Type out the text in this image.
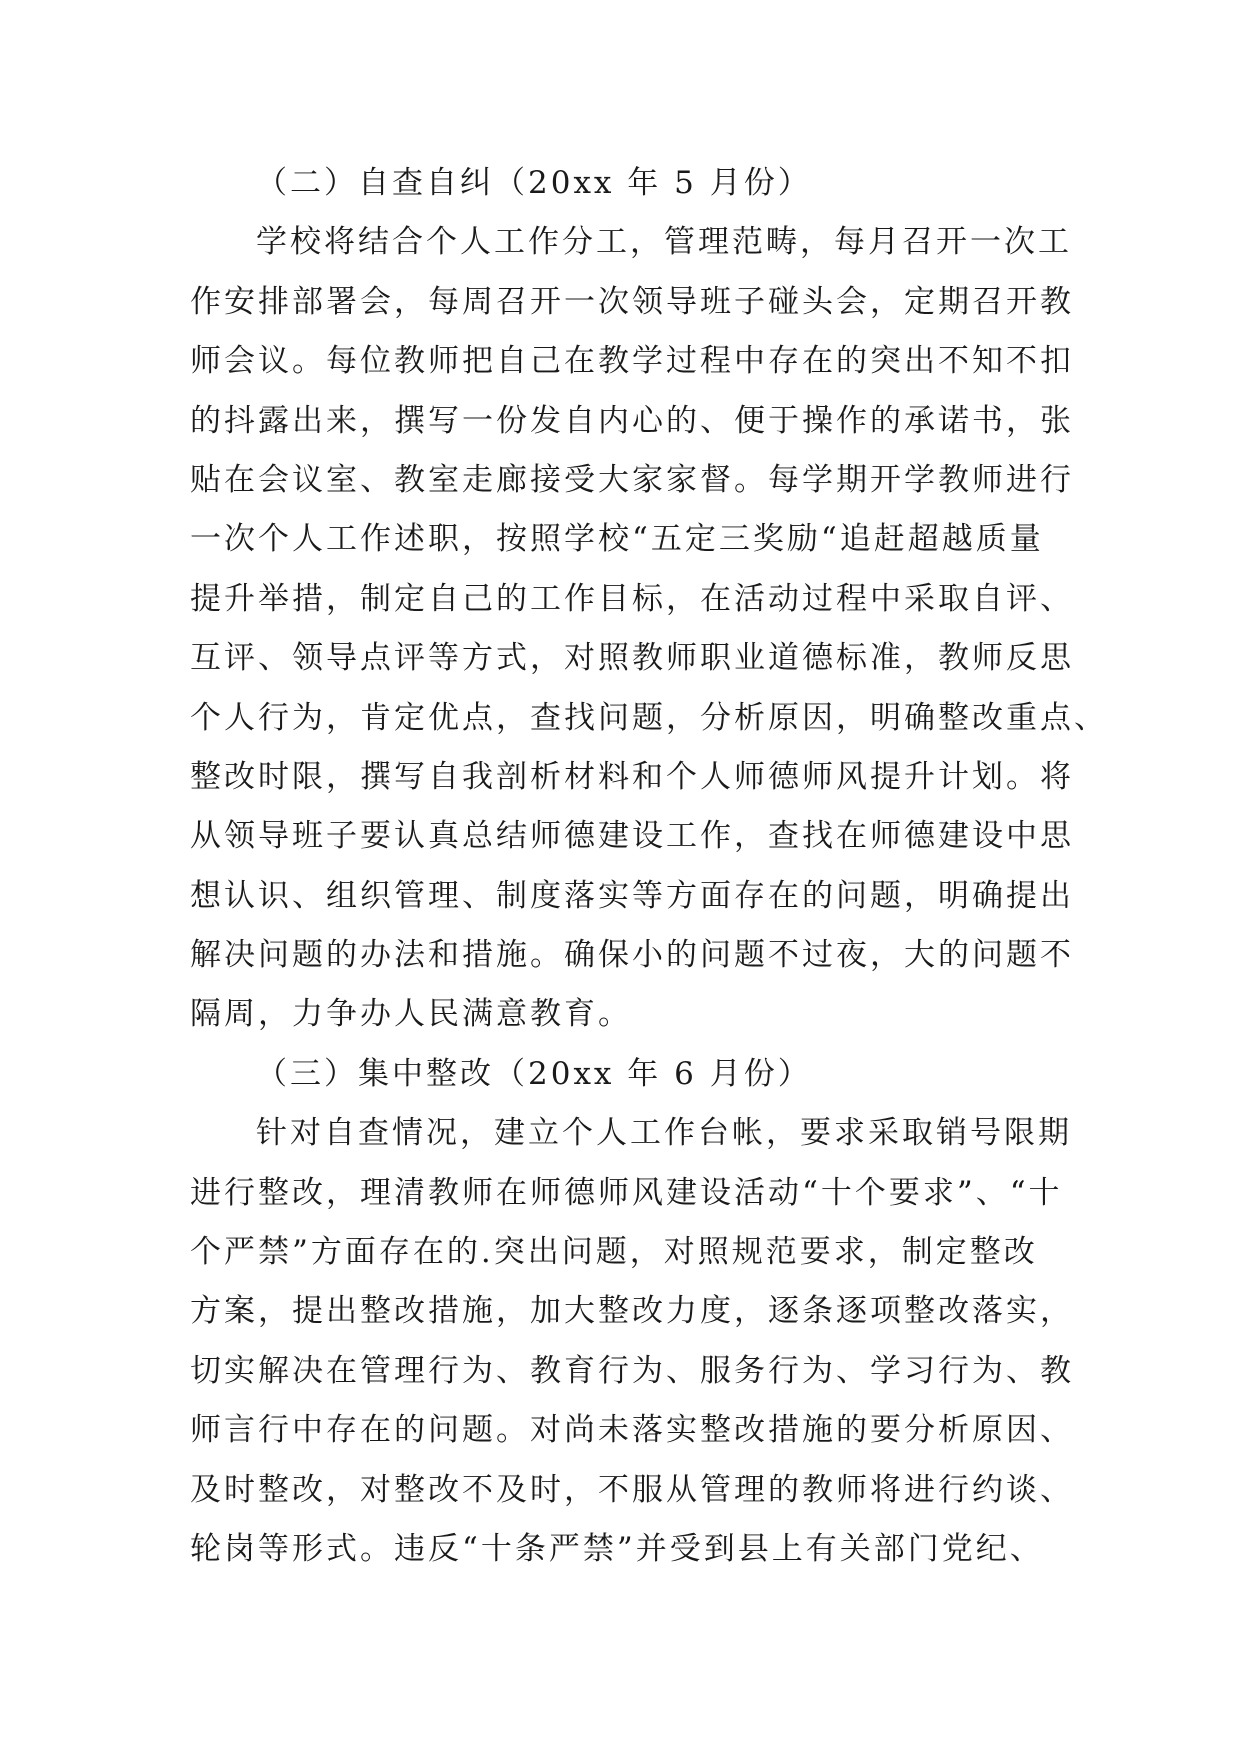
（二）自查自纠（20xx 年 5 月份）
学校将结合个人工作分工，管理范畴，每月召开一次工
作安排部署会，每周召开一次领导班子碰头会，定期召开教
师会议。每位教师把自己在教学过程中存在的突出不知不扣
的抖露出来，撰写一份发自内心的、便于操作的承诺书，张
贴在会议室、教室走廊接受大家家督。每学期开学教师进行
一次个人工作述职，按照学校“五定三奖励“追赶超越质量
提升举措，制定自己的工作目标，在活动过程中采取自评、
互评、领导点评等方式，对照教师职业道德标准，教师反思
个人行为，肯定优点，查找问题，分析原因，明确整改重点、
整改时限，撰写自我剖析材料和个人师德师风提升计划。将
从领导班子要认真总结师德建设工作，查找在师德建设中思
想认识、组织管理、制度落实等方面存在的问题，明确提出
解决问题的办法和措施。确保小的问题不过夜，大的问题不
隔周，力争办人民满意教育。
（三）集中整改（20xx 年 6 月份）
针对自查情况，建立个人工作台帐，要求采取销号限期
进行整改，理清教师在师德师风建设活动“十个要求”、“十
个严禁”方面存在的.突出问题，对照规范要求，制定整改
方案，提出整改措施，加大整改力度，逐条逐项整改落实，
切实解决在管理行为、教育行为、服务行为、学习行为、教
师言行中存在的问题。对尚未落实整改措施的要分析原因、
及时整改，对整改不及时，不服从管理的教师将进行约谈、
轮岗等形式。违反“十条严禁”并受到县上有关部门党纪、
